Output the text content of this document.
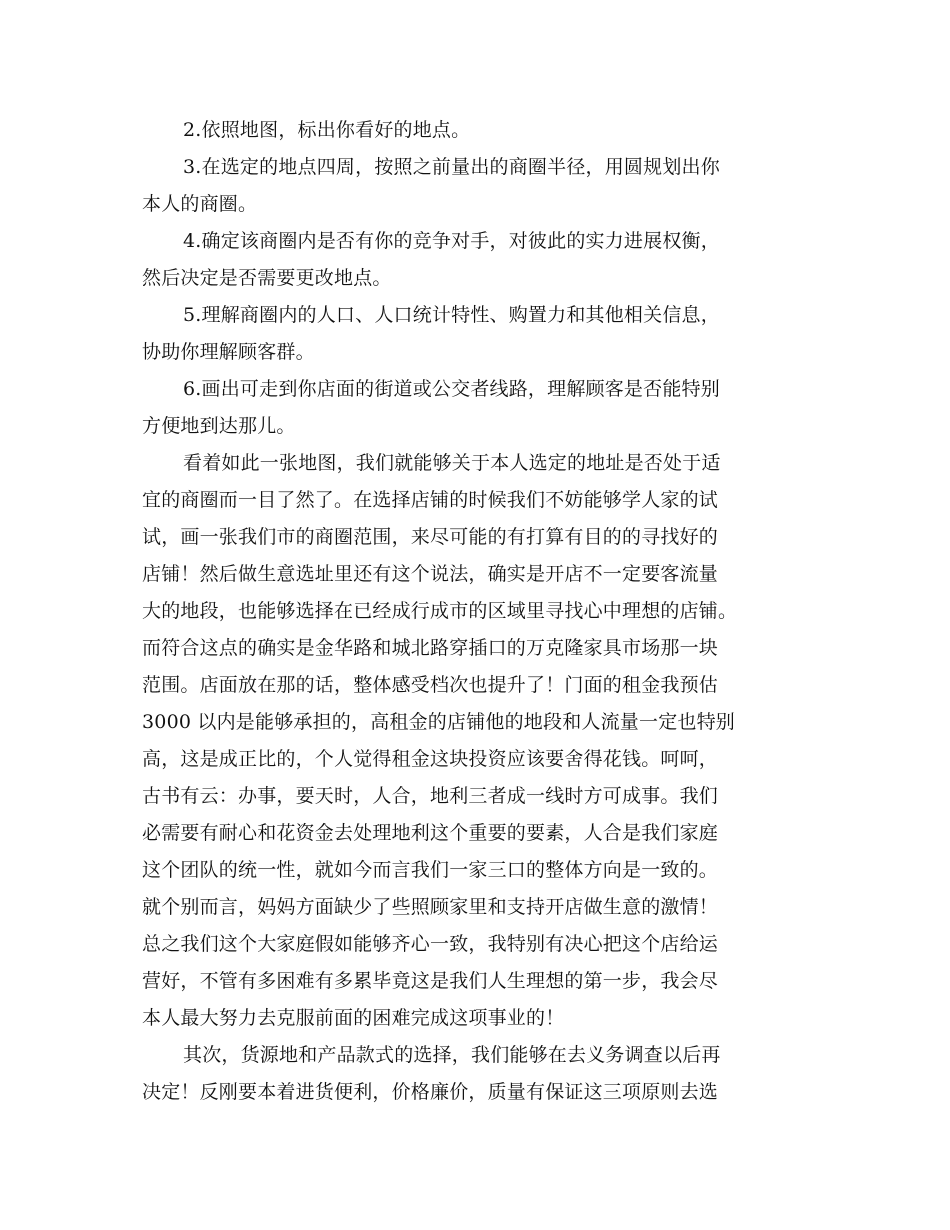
2.依照地图，标出你看好的地点。
3.在选定的地点四周，按照之前量出的商圈半径，用圆规划出你
本人的商圈。
4.确定该商圈内是否有你的竞争对手，对彼此的实力进展权衡，
然后决定是否需要更改地点。
5.理解商圈内的人口、人口统计特性、购置力和其他相关信息，
协助你理解顾客群。
6.画出可走到你店面的街道或公交者线路，理解顾客是否能特别
方便地到达那儿。
看着如此一张地图，我们就能够关于本人选定的地址是否处于适
宜的商圈而一目了然了。在选择店铺的时候我们不妨能够学人家的试
试，画一张我们市的商圈范围，来尽可能的有打算有目的的寻找好的
店铺！然后做生意选址里还有这个说法，确实是开店不一定要客流量
大的地段，也能够选择在已经成行成市的区域里寻找心中理想的店铺。
而符合这点的确实是金华路和城北路穿插口的万克隆家具市场那一块
范围。店面放在那的话，整体感受档次也提升了！门面的租金我预估
3000 以内是能够承担的，高租金的店铺他的地段和人流量一定也特别
高，这是成正比的，个人觉得租金这块投资应该要舍得花钱。呵呵，
古书有云：办事，要天时，人合，地利三者成一线时方可成事。我们
必需要有耐心和花资金去处理地利这个重要的要素，人合是我们家庭
这个团队的统一性，就如今而言我们一家三口的整体方向是一致的。
就个别而言，妈妈方面缺少了些照顾家里和支持开店做生意的激情！
总之我们这个大家庭假如能够齐心一致，我特别有决心把这个店给运
营好，不管有多困难有多累毕竟这是我们人生理想的第一步，我会尽
本人最大努力去克服前面的困难完成这项事业的！
其次，货源地和产品款式的选择，我们能够在去义务调查以后再
决定！反刚要本着进货便利，价格廉价，质量有保证这三项原则去选
